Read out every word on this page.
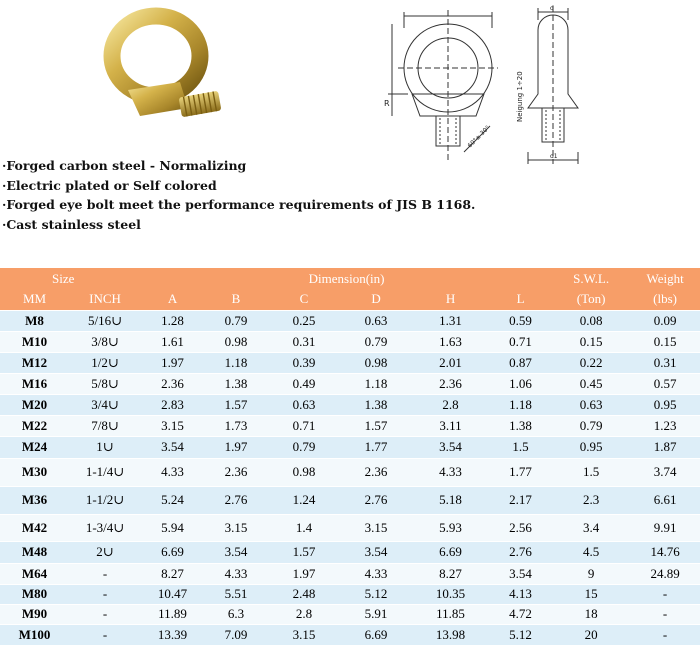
R
60°± 30°
Neigung 1÷20
d
d1
·Forged carbon steel - Normalizing
·Electric plated or Self colored
·Forged eye bolt meet the performance requirements of JIS B 1168.
·Cast stainless steel
Size		Dimension(in)						S.W.L.	Weight
MM	INCH	A	B	C	D	H	L	(Ton)	(lbs)
M8	5/16∪	1.28	0.79	0.25	0.63	1.31	0.59	0.08	0.09
M10	3/8∪	1.61	0.98	0.31	0.79	1.63	0.71	0.15	0.15
M12	1/2∪	1.97	1.18	0.39	0.98	2.01	0.87	0.22	0.31
M16	5/8∪	2.36	1.38	0.49	1.18	2.36	1.06	0.45	0.57
M20	3/4∪	2.83	1.57	0.63	1.38	2.8	1.18	0.63	0.95
M22	7/8∪	3.15	1.73	0.71	1.57	3.11	1.38	0.79	1.23
M24	1∪	3.54	1.97	0.79	1.77	3.54	1.5	0.95	1.87
M30	1-1/4∪	4.33	2.36	0.98	2.36	4.33	1.77	1.5	3.74
M36	1-1/2∪	5.24	2.76	1.24	2.76	5.18	2.17	2.3	6.61
M42	1-3/4∪	5.94	3.15	1.4	3.15	5.93	2.56	3.4	9.91
M48	2∪	6.69	3.54	1.57	3.54	6.69	2.76	4.5	14.76
M64	-	8.27	4.33	1.97	4.33	8.27	3.54	9	24.89
M80	-	10.47	5.51	2.48	5.12	10.35	4.13	15	-
M90	-	11.89	6.3	2.8	5.91	11.85	4.72	18	-
M100	-	13.39	7.09	3.15	6.69	13.98	5.12	20	-
